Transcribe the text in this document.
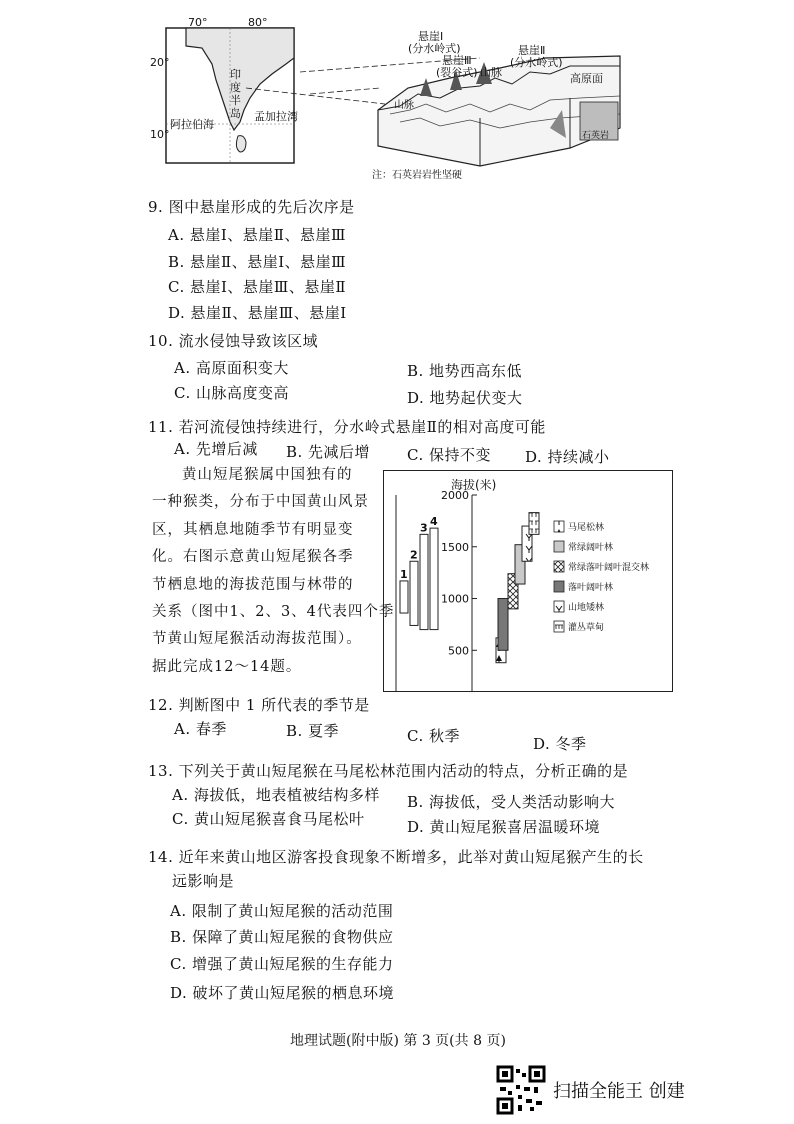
70°	80°
20°
10°
印度半岛 孟加拉湾
阿拉伯海
悬崖Ⅰ
(分水岭式)
悬崖Ⅲ
(裂谷式)
悬崖Ⅱ
(分水岭式)
山脉	高原面
山脉
石英岩
注：石英岩岩性坚硬
9. 图中悬崖形成的先后次序是
A. 悬崖Ⅰ、悬崖Ⅱ、悬崖Ⅲ
B. 悬崖Ⅱ、悬崖Ⅰ、悬崖Ⅲ
C. 悬崖Ⅰ、悬崖Ⅲ、悬崖Ⅱ
D. 悬崖Ⅱ、悬崖Ⅲ、悬崖Ⅰ
10. 流水侵蚀导致该区域
A. 高原面积变大	B. 地势西高东低
C. 山脉高度变高	D. 地势起伏变大
11. 若河流侵蚀持续进行，分水岭式悬崖Ⅱ的相对高度可能
A. 先增后减 B. 先减后增 C. 保持不变 D. 持续减小
黄山短尾猴属中国独有的
一种猴类，分布于中国黄山风景
区，其栖息地随季节有明显变
化。右图示意黄山短尾猴各季
节栖息地的海拔范围与林带的
关系（图中1、2、3、4代表四个季
节黄山短尾猴活动海拔范围）。
据此完成12～14题。
500
1000
1500
2000
1
2
3 4	马尾松林
常绿阔叶林
常绿落叶阔叶混交林
落叶阔叶林
山地矮林
灌丛草甸
海拔(米)
12. 判断图中 1 所代表的季节是
A. 春季	B. 夏季	C. 秋季	D. 冬季
13. 下列关于黄山短尾猴在马尾松林范围内活动的特点，分析正确的是
A. 海拔低，地表植被结构多样 B. 海拔低，受人类活动影响大
C. 黄山短尾猴喜食马尾松叶	D. 黄山短尾猴喜居温暖环境
14. 近年来黄山地区游客投食现象不断增多，此举对黄山短尾猴产生的长
远影响是
A. 限制了黄山短尾猴的活动范围
B. 保障了黄山短尾猴的食物供应
C. 增强了黄山短尾猴的生存能力
D. 破坏了黄山短尾猴的栖息环境
地理试题(附中版) 第 3 页(共 8 页)
扫描全能王 创建
